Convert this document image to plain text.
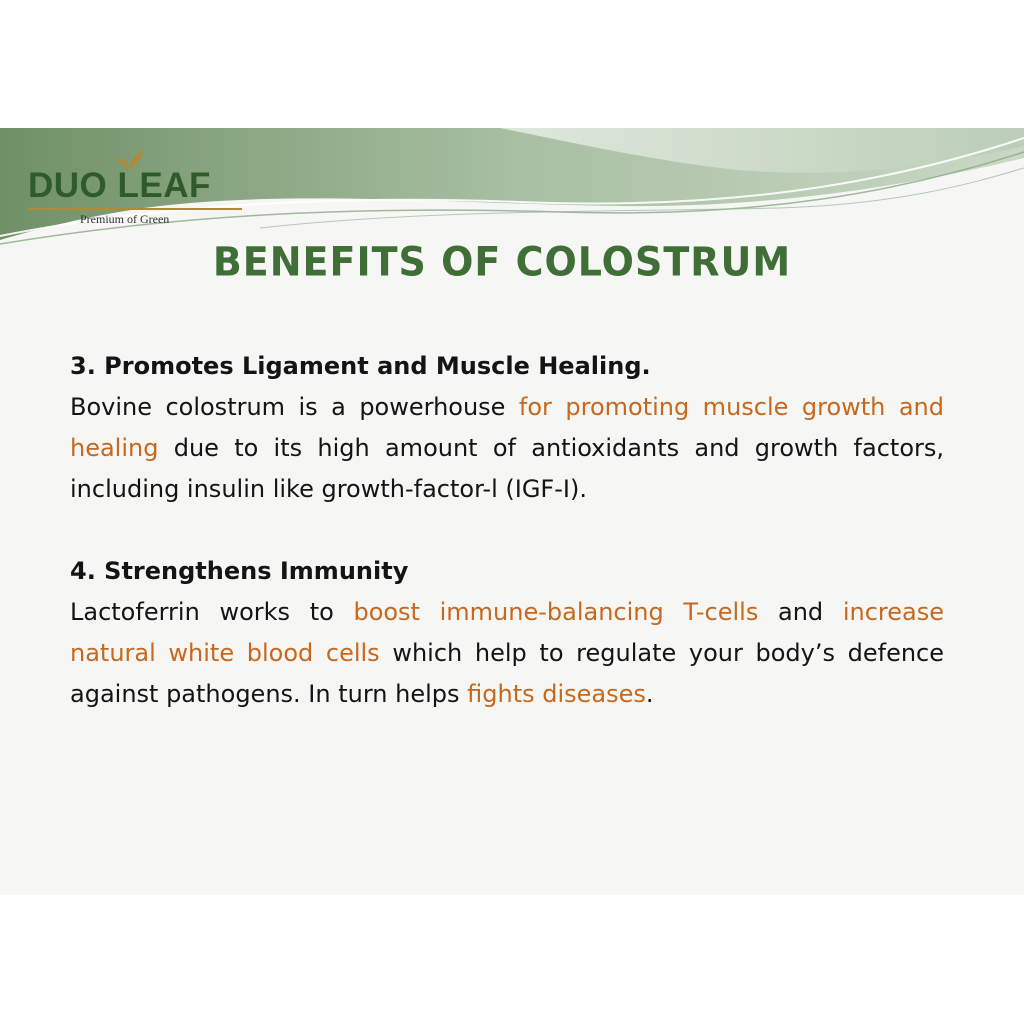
DUO LEAF
Premium of Green
BENEFITS OF COLOSTRUM

3. Promotes Ligament and Muscle Healing.

Bovine colostrum is a powerhouse for promoting muscle growth and healing due to its high amount of antioxidants and growth factors, including insulin like growth-factor-l (IGF-I).

4. Strengthens Immunity

Lactoferrin works to boost immune-balancing T-cells and increase natural white blood cells which help to regulate your body’s defence against pathogens. In turn helps fights diseases.
